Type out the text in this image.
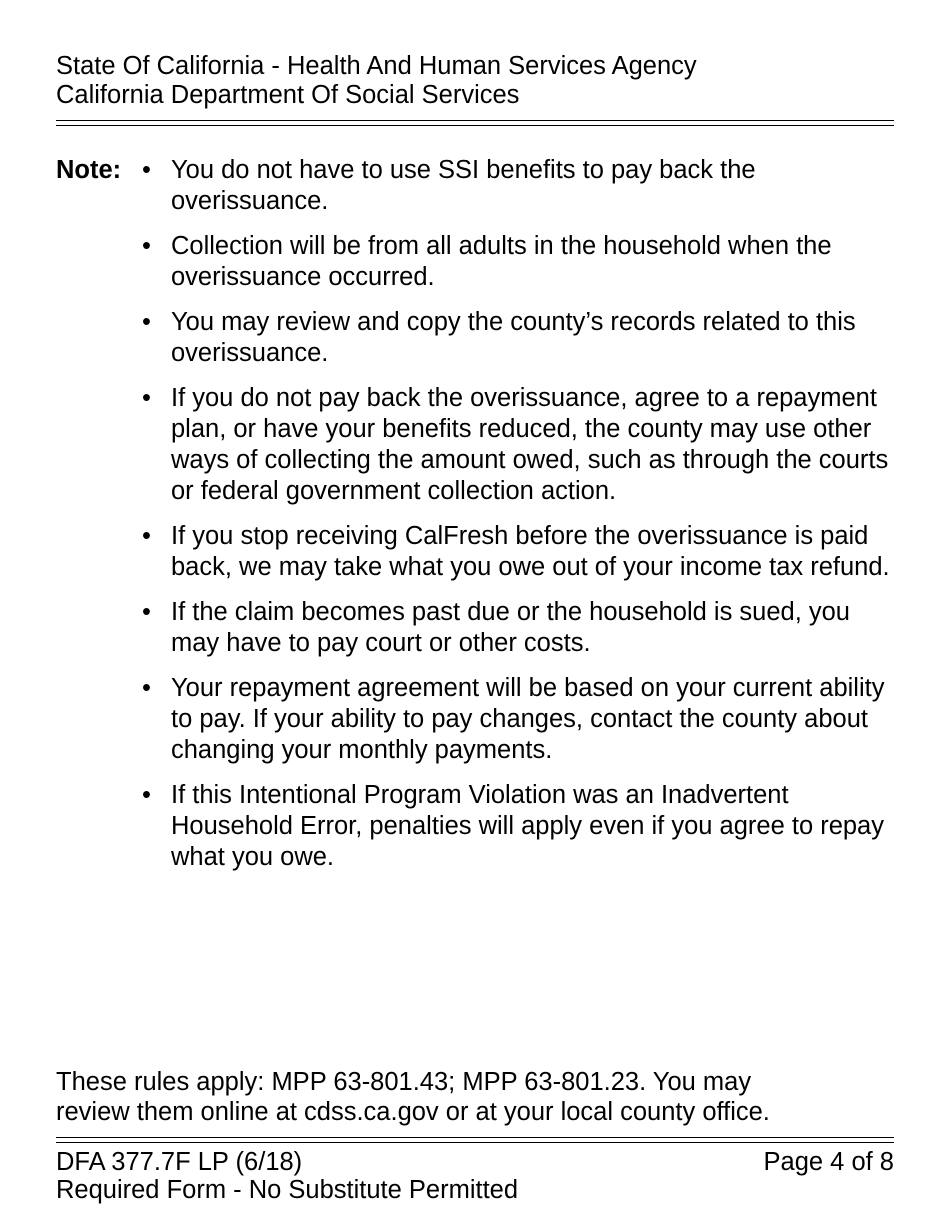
State Of California - Health And Human Services Agency
California Department Of Social Services
Note: • You do not have to use SSI benefits to pay back the overissuance.
• Collection will be from all adults in the household when the overissuance occurred.
• You may review and copy the county’s records related to this overissuance.
• If you do not pay back the overissuance, agree to a repayment plan, or have your benefits reduced, the county may use other ways of collecting the amount owed, such as through the courts or federal government collection action.
• If you stop receiving CalFresh before the overissuance is paid back, we may take what you owe out of your income tax refund.
• If the claim becomes past due or the household is sued, you may have to pay court or other costs.
• Your repayment agreement will be based on your current ability to pay. If your ability to pay changes, contact the county about changing your monthly payments.
• If this Intentional Program Violation was an Inadvertent Household Error, penalties will apply even if you agree to repay what you owe.
These rules apply: MPP 63-801.43; MPP 63-801.23. You may
review them online at cdss.ca.gov or at your local county office.
DFA 377.7F LP (6/18)
Required Form - No Substitute Permitted
Page 4 of 8
